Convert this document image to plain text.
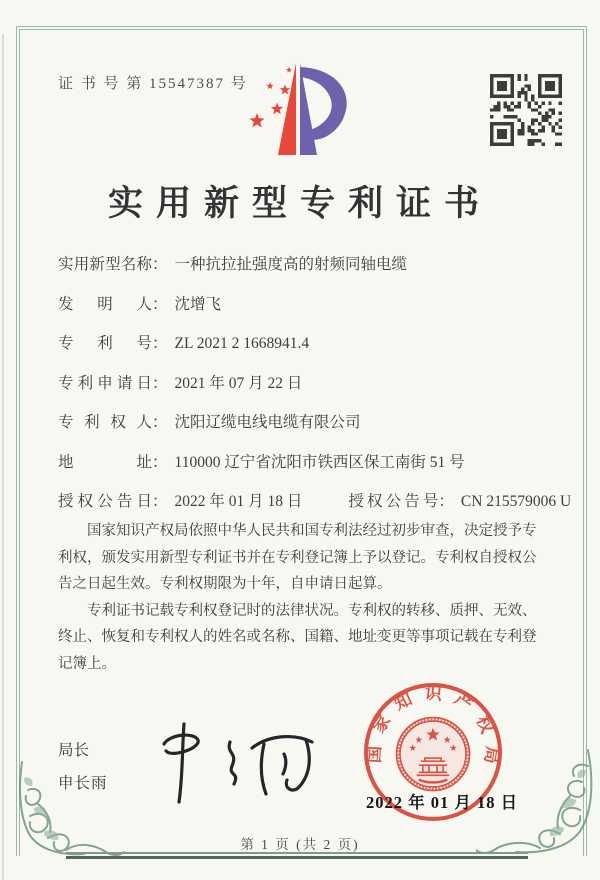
证 书 号 第 15547387 号
实用新型专利证书
实用新型名称： 一种抗拉扯强度高的射频同轴电缆
发明人： 沈增飞
专利号： ZL 2021 2 1668941.4
专利申请日： 2021 年 07 月 22 日
专利权人： 沈阳辽缆电线电缆有限公司
地址： 110000 辽宁省沈阳市铁西区保工南街 51 号
授权公告日： 2022 年 01 月 18 日	授权公告号： CN 215579006 U

国家知识产权局依照中华人民共和国专利法经过初步审查，决定授予专利权，颁发实用新型专利证书并在专利登记簿上予以登记。专利权自授权公告之日起生效。专利权期限为十年，自申请日起算。

专利证书记载专利权登记时的法律状况。专利权的转移、质押、无效、终止、恢复和专利权人的姓名或名称、国籍、地址变更等事项记载在专利登记簿上。

局长
申长雨
国家知识产权局
2022 年 01 月 18 日
第 1 页 (共 2 页)
